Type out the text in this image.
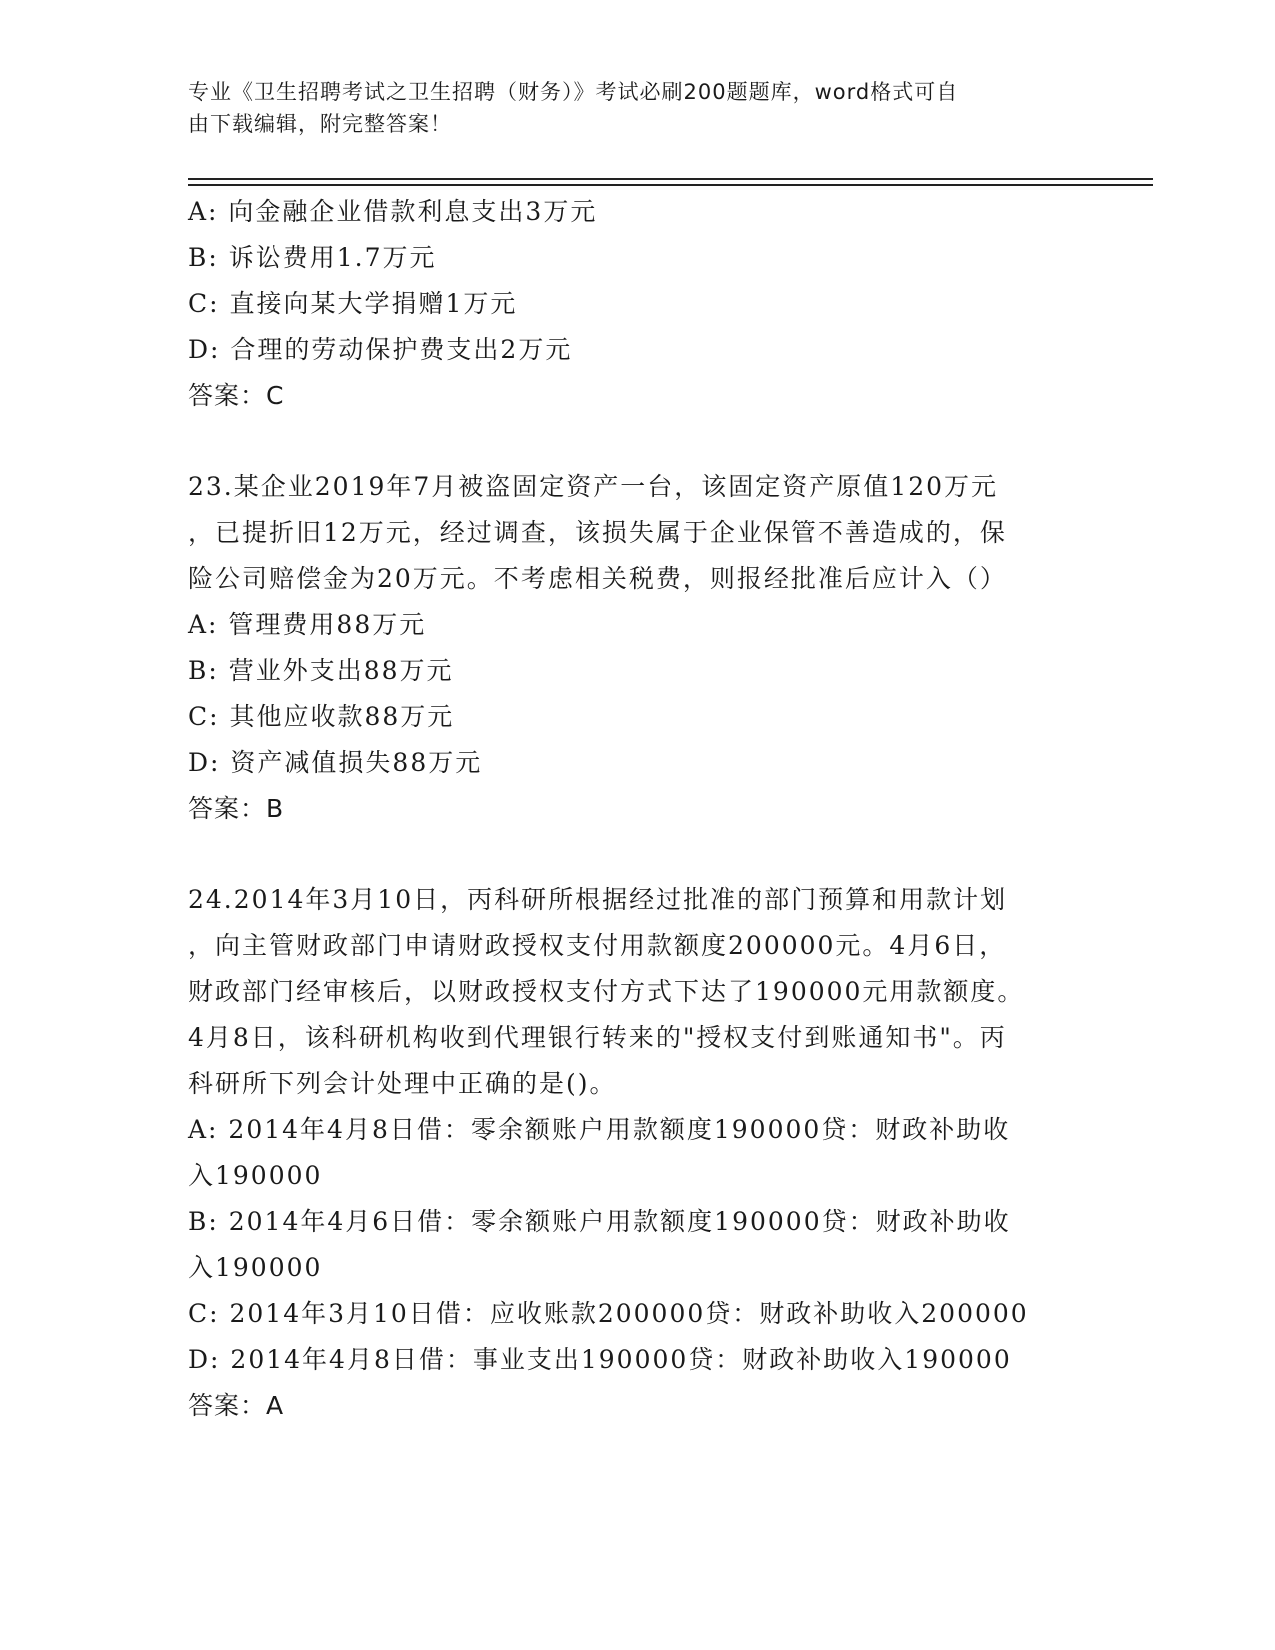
专业《卫生招聘考试之卫生招聘（财务）》考试必刷200题题库，word格式可自
由下载编辑，附完整答案！
A: 向金融企业借款利息支出3万元
B: 诉讼费用1.7万元
C: 直接向某大学捐赠1万元
D: 合理的劳动保护费支出2万元
答案：C
23.某企业2019年7月被盗固定资产一台，该固定资产原值120万元
，已提折旧12万元，经过调查，该损失属于企业保管不善造成的，保
险公司赔偿金为20万元。不考虑相关税费，则报经批准后应计入（）
A: 管理费用88万元
B: 营业外支出88万元
C: 其他应收款88万元
D: 资产减值损失88万元
答案：B
24.2014年3月10日，丙科研所根据经过批准的部门预算和用款计划
，向主管财政部门申请财政授权支付用款额度200000元。4月6日，
财政部门经审核后，以财政授权支付方式下达了190000元用款额度。
4月8日，该科研机构收到代理银行转来的"授权支付到账通知书"。丙
科研所下列会计处理中正确的是()。
A: 2014年4月8日借：零余额账户用款额度190000贷：财政补助收
入190000
B: 2014年4月6日借：零余额账户用款额度190000贷：财政补助收
入190000
C: 2014年3月10日借：应收账款200000贷：财政补助收入200000
D: 2014年4月8日借：事业支出190000贷：财政补助收入190000
答案：A
